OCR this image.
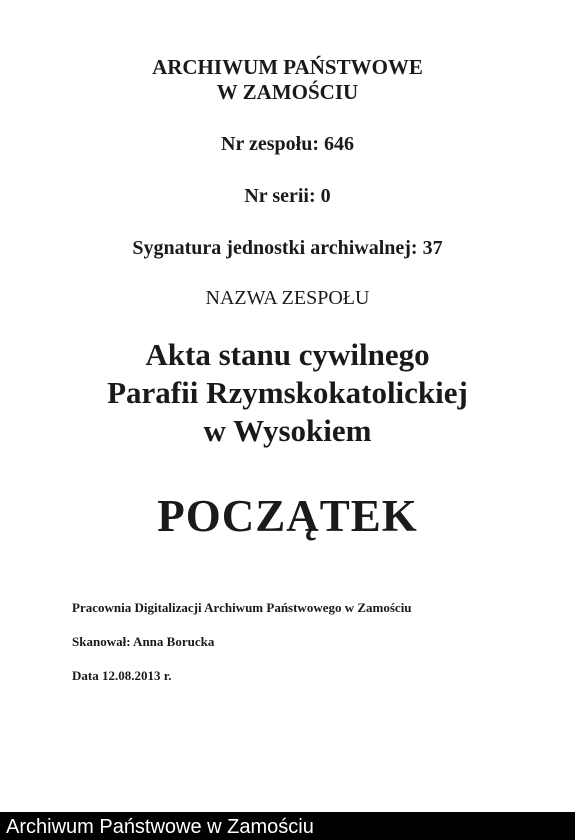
ARCHIWUM PAŃSTWOWE
W ZAMOŚCIU
Nr zespołu: 646
Nr serii: 0
Sygnatura jednostki archiwalnej: 37
NAZWA ZESPOŁU
Akta stanu cywilnego
Parafii Rzymskokatolickiej
w Wysokiem
POCZĄTEK
Pracownia Digitalizacji Archiwum Państwowego w Zamościu
Skanował: Anna Borucka
Data 12.08.2013 r.
Archiwum Państwowe w Zamościu
